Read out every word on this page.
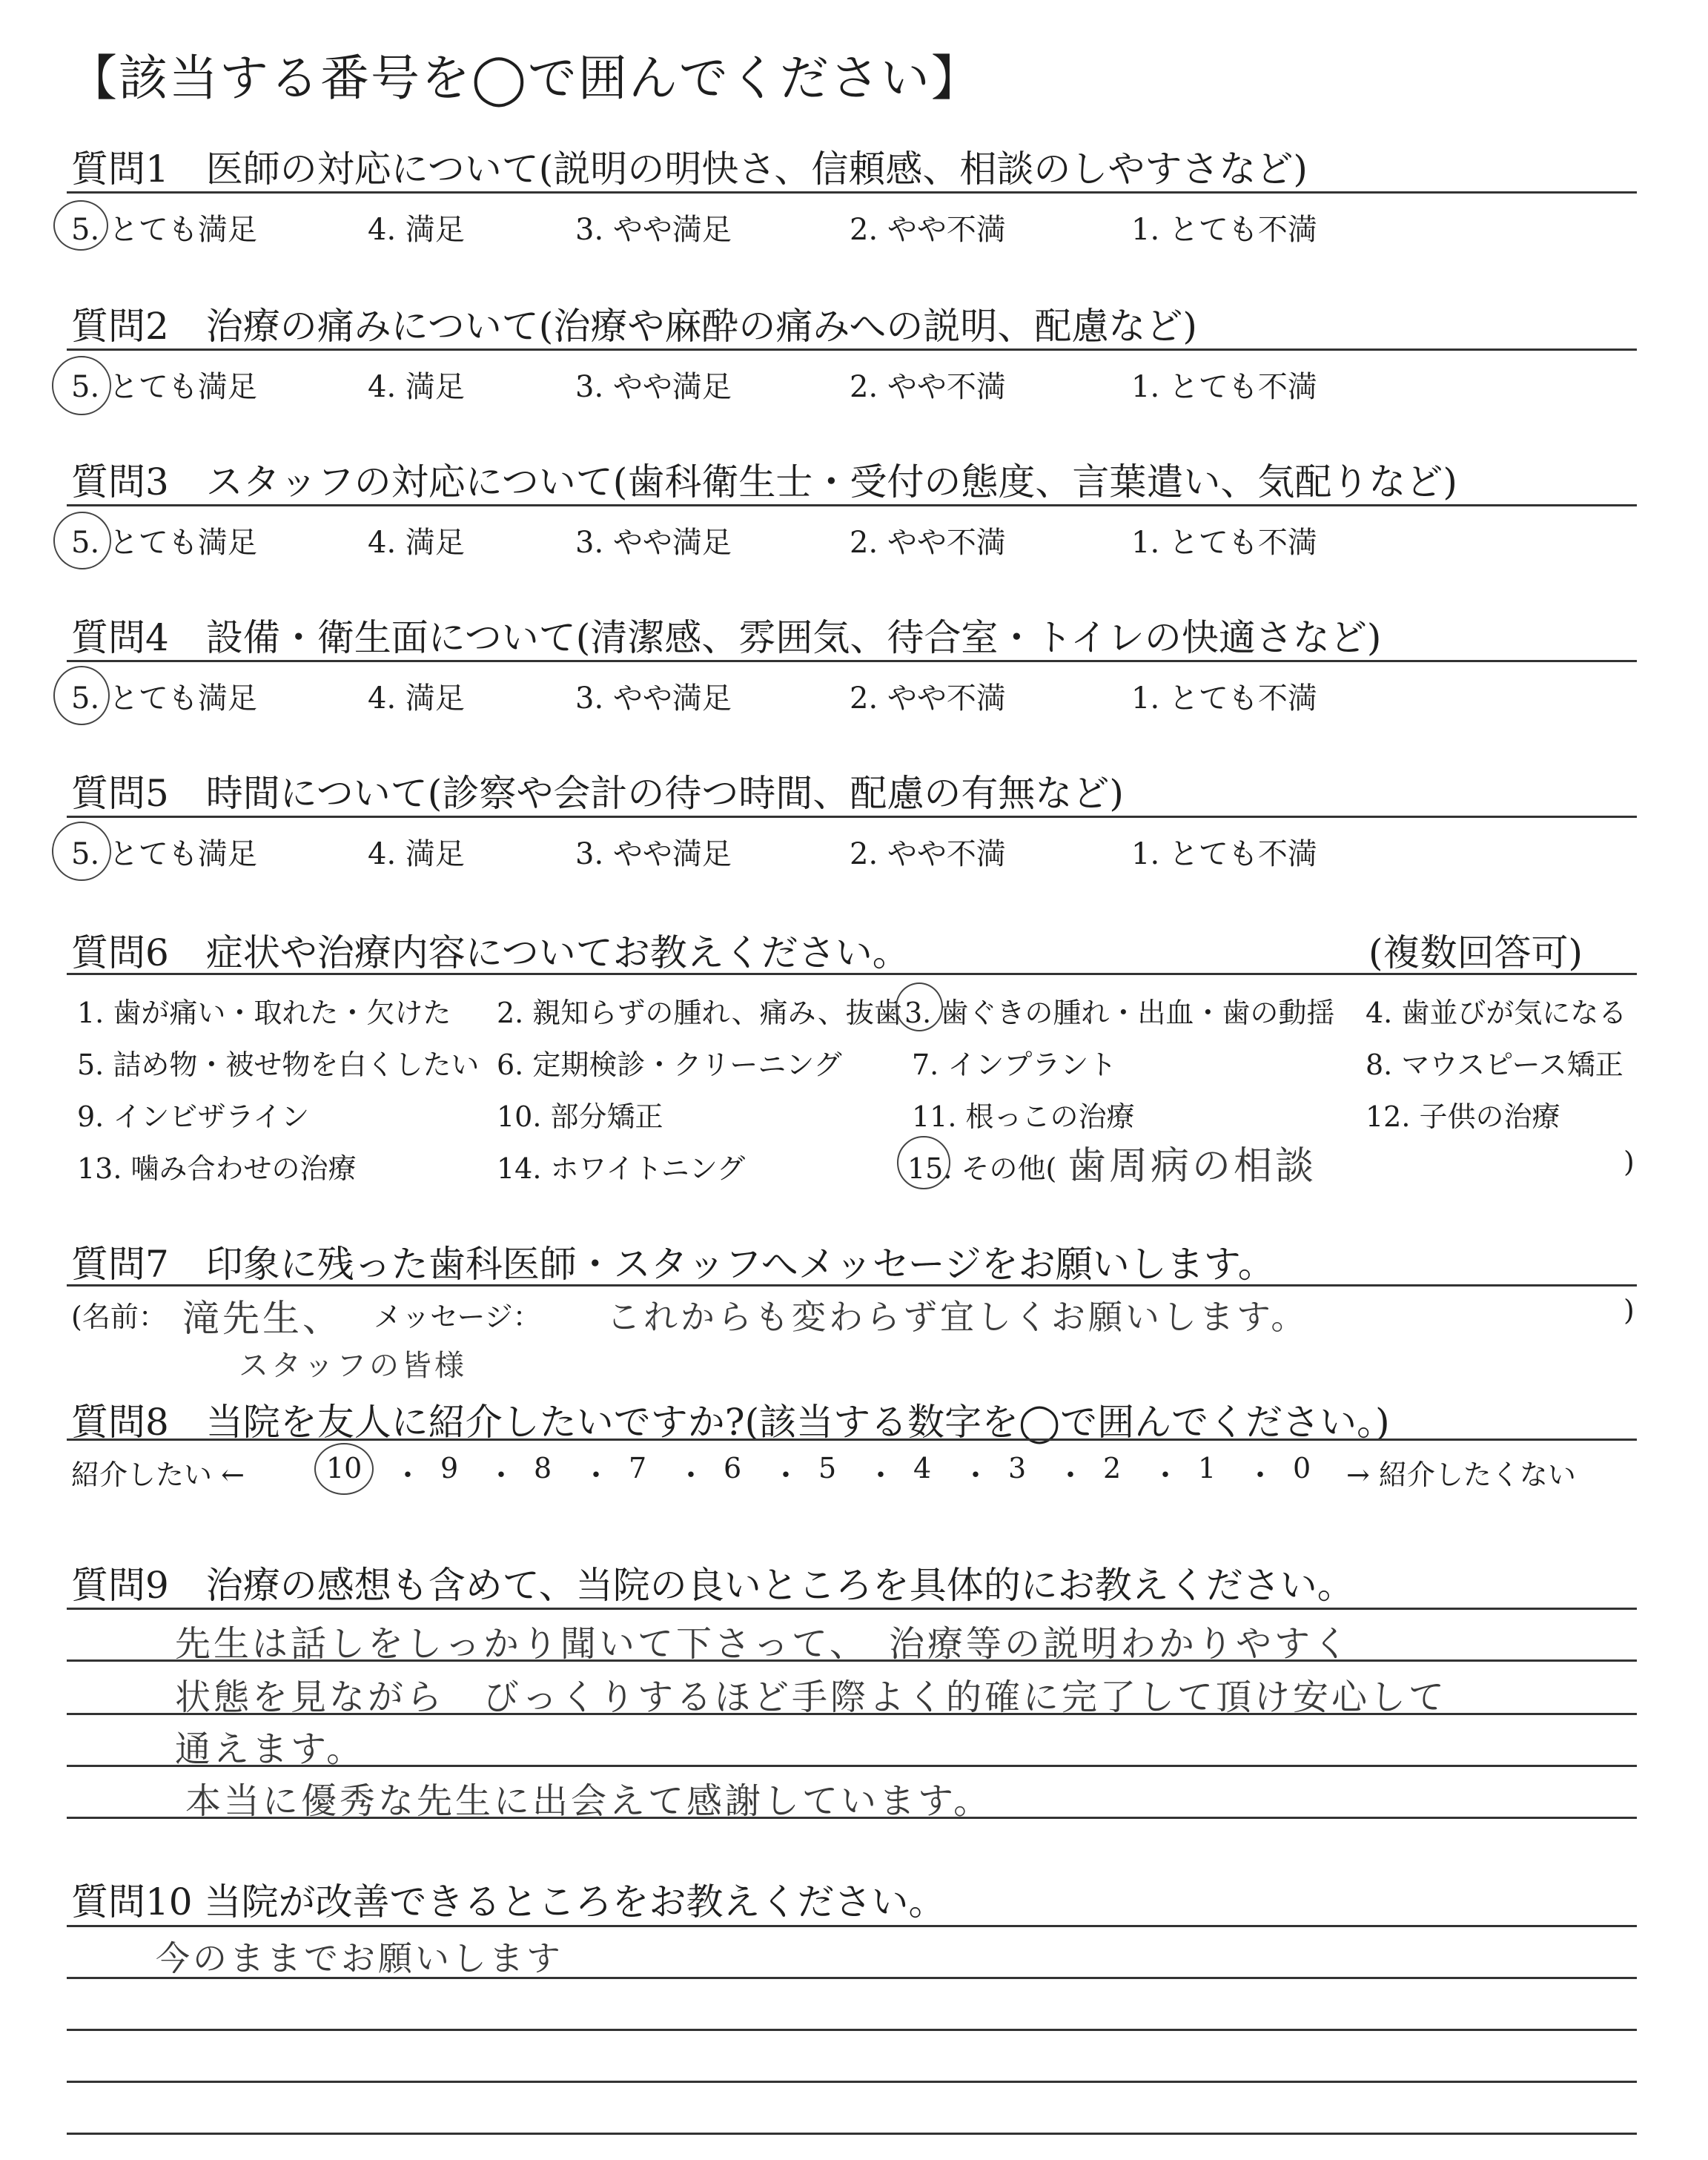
【該当する番号を◯で囲んでください】
質問1　医師の対応について(説明の明快さ、信頼感、相談のしやすさなど)
5. とても満足	4. 満足	3. やや満足	2. やや不満	1. とても不満
質問2　治療の痛みについて(治療や麻酔の痛みへの説明、配慮など)
5. とても満足	4. 満足	3. やや満足	2. やや不満	1. とても不満
質問3　スタッフの対応について(歯科衛生士・受付の態度、言葉遣い、気配りなど)
5. とても満足	4. 満足	3. やや満足	2. やや不満	1. とても不満
質問4　設備・衛生面について(清潔感、雰囲気、待合室・トイレの快適さなど)
5. とても満足	4. 満足	3. やや満足	2. やや不満	1. とても不満
質問5　時間について(診察や会計の待つ時間、配慮の有無など)
5. とても満足	4. 満足	3. やや満足	2. やや不満	1. とても不満
質問6　症状や治療内容についてお教えください。	(複数回答可)
1. 歯が痛い・取れた・欠けた 2. 親知らずの腫れ、痛み、抜歯 3. 歯ぐきの腫れ・出血・歯の動揺 4. 歯並びが気になる
5. 詰め物・被せ物を白くしたい 6. 定期検診・クリーニング 7. インプラント	8. マウスピース矯正
9. インビザライン	10. 部分矯正	11. 根っこの治療	12. 子供の治療
13. 噛み合わせの治療	14. ホワイトニング	15. その他( 歯周病の相談	)
質問7　印象に残った歯科医師・スタッフへメッセージをお願いします。
(名前： 滝先生、
スタッフの皆様
メッセージ： これからも変わらず宜しくお願いします。	)
質問8　当院を友人に紹介したいですか?(該当する数字を◯で囲んでください。)
紹介したい ←	10 ・ 9 ・ 8 ・ 7 ・ 6 ・ 5 ・ 4 ・ 3 ・ 2 ・ 1 ・ 0 → 紹介したくない
質問9　治療の感想も含めて、当院の良いところを具体的にお教えください。
先生は話しをしっかり聞いて下さって、　治療等の説明わかりやすく
状態を見ながら　びっくりするほど手際よく的確に完了して頂け安心して
通えます。
本当に優秀な先生に出会えて感謝しています。
質問10 当院が改善できるところをお教えください。
今のままでお願いします
